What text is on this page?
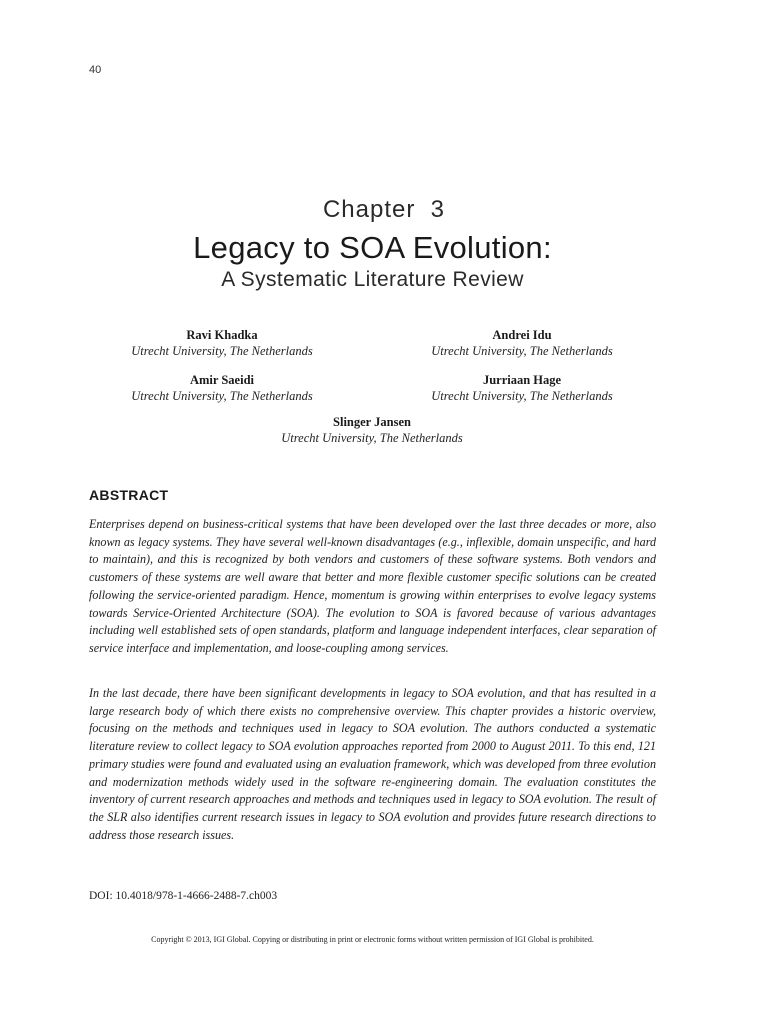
40
Chapter  3
Legacy to SOA Evolution:
A Systematic Literature Review
Ravi Khadka
Utrecht University, The Netherlands
Andrei Idu
Utrecht University, The Netherlands
Amir Saeidi
Utrecht University, The Netherlands
Jurriaan Hage
Utrecht University, The Netherlands
Slinger Jansen
Utrecht University, The Netherlands
ABSTRACT

Enterprises depend on business-critical systems that have been developed over the last three decades or more, also known as legacy systems. They have several well-known disadvantages (e.g., inflexible, domain unspecific, and hard to maintain), and this is recognized by both vendors and customers of these software systems. Both vendors and customers of these systems are well aware that better and more flexible customer specific solutions can be created following the service-oriented paradigm. Hence, momentum is growing within enterprises to evolve legacy systems towards Service-Oriented Architecture (SOA). The evolution to SOA is favored because of various advantages including well established sets of open standards, platform and language independent interfaces, clear separation of service interface and implementation, and loose-coupling among services.

In the last decade, there have been significant developments in legacy to SOA evolution, and that has resulted in a large research body of which there exists no comprehensive overview. This chapter provides a historic overview, focusing on the methods and techniques used in legacy to SOA evolution. The authors conducted a systematic literature review to collect legacy to SOA evolution approaches reported from 2000 to August 2011. To this end, 121 primary studies were found and evaluated using an evaluation framework, which was developed from three evolution and modernization methods widely used in the software re-engineering domain. The evaluation constitutes the inventory of current research approaches and methods and techniques used in legacy to SOA evolution. The result of the SLR also identifies current research issues in legacy to SOA evolution and provides future research directions to address those research issues.

DOI: 10.4018/978-1-4666-2488-7.ch003
Copyright © 2013, IGI Global. Copying or distributing in print or electronic forms without written permission of IGI Global is prohibited.
